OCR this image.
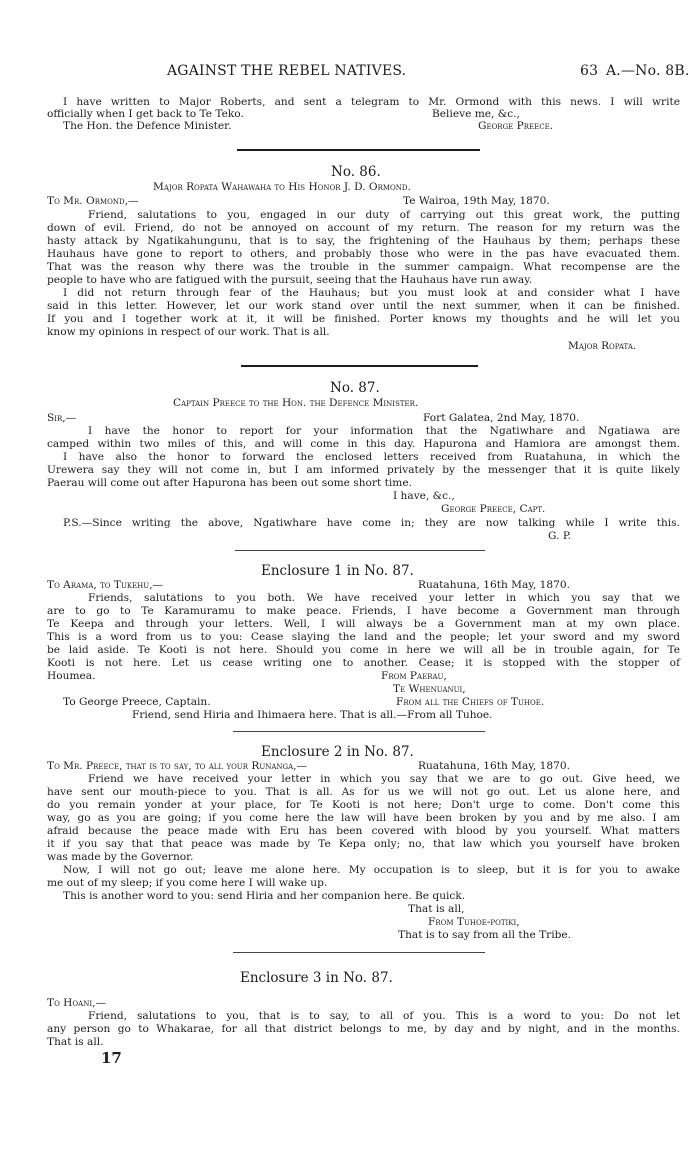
AGAINST THE REBEL NATIVES.	63 A.—No. 8B.
I have written to Major Roberts, and sent a telegram to Mr. Ormond with this news. I will write
officially when I get back to Te Teko.	Believe me, &c.,
The Hon. the Defence Minister.	George Preece.
No. 86.
Major Ropata Wahawaha to His Honor J. D. Ormond.
To Mr. Ormond,—	Te Wairoa, 19th May, 1870.
Friend, salutations to you, engaged in our duty of carrying out this great work, the putting
down of evil. Friend, do not be annoyed on account of my return. The reason for my return was the
hasty attack by Ngatikahungunu, that is to say, the frightening of the Hauhaus by them; perhaps these
Hauhaus have gone to report to others, and probably those who were in the pas have evacuated them.
That was the reason why there was the trouble in the summer campaign. What recompense are the
people to have who are fatigued with the pursuit, seeing that the Hauhaus have run away.
I did not return through fear of the Hauhaus; but you must look at and consider what I have
said in this letter. However, let our work stand over until the next summer, when it can be finished.
If you and I together work at it, it will be finished. Porter knows my thoughts and he will let you
know my opinions in respect of our work. That is all.
Major Ropata.
No. 87.
Captain Preece to the Hon. the Defence Minister.
Sir,—	Fort Galatea, 2nd May, 1870.
I have the honor to report for your information that the Ngatiwhare and Ngatiawa are
camped within two miles of this, and will come in this day. Hapurona and Hamiora are amongst them.
I have also the honor to forward the enclosed letters received from Ruatahuna, in which the
Urewera say they will not come in, but I am informed privately by the messenger that it is quite likely
Paerau will come out after Hapurona has been out some short time.
I have, &c.,
George Preece, Capt.
P.S.—Since writing the above, Ngatiwhare have come in; they are now talking while I write this.
G. P.
Enclosure 1 in No. 87.
To Arama, to Tukehu,—	Ruatahuna, 16th May, 1870.
Friends, salutations to you both. We have received your letter in which you say that we
are to go to Te Karamuramu to make peace. Friends, I have become a Government man through
Te Keepa and through your letters. Well, I will always be a Government man at my own place.
This is a word from us to you: Cease slaying the land and the people; let your sword and my sword
be laid aside. Te Kooti is not here. Should you come in here we will all be in trouble again, for Te
Kooti is not here. Let us cease writing one to another. Cease; it is stopped with the stopper of
Houmea.	From Paerau,
Te Whenuanui,
To George Preece, Captain.	From all the Chiefs of Tuhoe.
Friend, send Hiria and Ihimaera here. That is all.—From all Tuhoe.
Enclosure 2 in No. 87.
To Mr. Preece, that is to say, to all your Runanga,—	Ruatahuna, 16th May, 1870.
Friend we have received your letter in which you say that we are to go out. Give heed, we
have sent our mouth-piece to you. That is all. As for us we will not go out. Let us alone here, and
do you remain yonder at your place, for Te Kooti is not here; Don't urge to come. Don't come this
way, go as you are going; if you come here the law will have been broken by you and by me also. I am
afraid because the peace made with Eru has been covered with blood by you yourself. What matters
it if you say that that peace was made by Te Kepa only; no, that law which you yourself have broken
was made by the Governor.
Now, I will not go out; leave me alone here. My occupation is to sleep, but it is for you to awake
me out of my sleep; if you come here I will wake up.
This is another word to you: send Hiria and her companion here. Be quick.
That is all,
From Tuhoe-potiki,
That is to say from all the Tribe.
Enclosure 3 in No. 87.
To Hoani,—
Friend, salutations to you, that is to say, to all of you. This is a word to you: Do not let
any person go to Whakarae, for all that district belongs to me, by day and by night, and in the months.
That is all.
17
